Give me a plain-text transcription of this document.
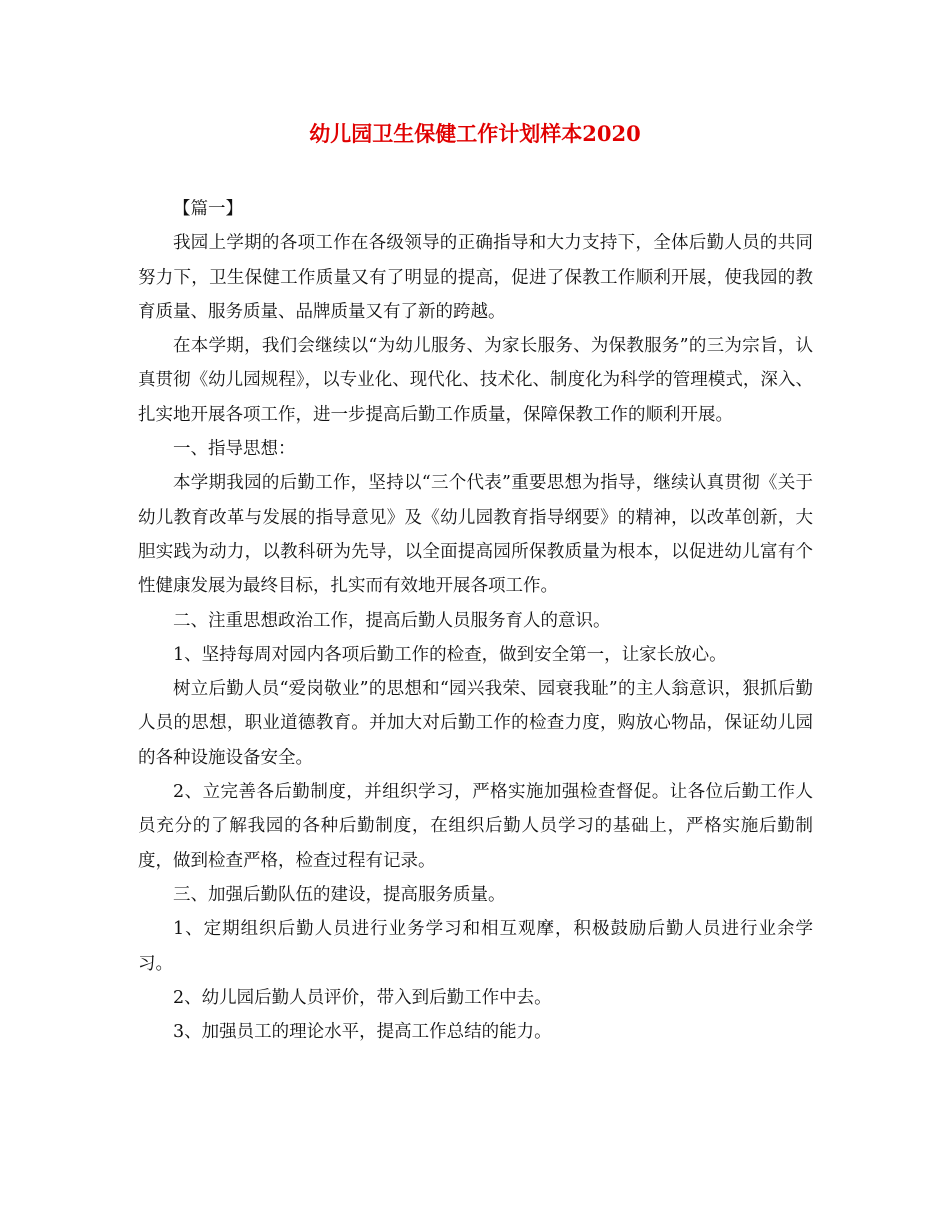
幼儿园卫生保健工作计划样本2020

【篇一】

我园上学期的各项工作在各级领导的正确指导和大力支持下，全体后勤人员的共同努力下，卫生保健工作质量又有了明显的提高，促进了保教工作顺利开展，使我园的教育质量、服务质量、品牌质量又有了新的跨越。

在本学期，我们会继续以“为幼儿服务、为家长服务、为保教服务”的三为宗旨，认真贯彻《幼儿园规程》，以专业化、现代化、技术化、制度化为科学的管理模式，深入、扎实地开展各项工作，进一步提高后勤工作质量，保障保教工作的顺利开展。

一、指导思想：

本学期我园的后勤工作，坚持以“三个代表”重要思想为指导，继续认真贯彻《关于幼儿教育改革与发展的指导意见》及《幼儿园教育指导纲要》的精神，以改革创新，大胆实践为动力，以教科研为先导，以全面提高园所保教质量为根本，以促进幼儿富有个性健康发展为最终目标，扎实而有效地开展各项工作。

二、注重思想政治工作，提高后勤人员服务育人的意识。

1、坚持每周对园内各项后勤工作的检查，做到安全第一，让家长放心。

树立后勤人员“爱岗敬业”的思想和“园兴我荣、园衰我耻”的主人翁意识，狠抓后勤人员的思想，职业道德教育。并加大对后勤工作的检查力度，购放心物品，保证幼儿园的各种设施设备安全。

2、立完善各后勤制度，并组织学习，严格实施加强检查督促。让各位后勤工作人员充分的了解我园的各种后勤制度，在组织后勤人员学习的基础上，严格实施后勤制度，做到检查严格，检查过程有记录。

三、加强后勤队伍的建设，提高服务质量。

1、定期组织后勤人员进行业务学习和相互观摩，积极鼓励后勤人员进行业余学习。

2、幼儿园后勤人员评价，带入到后勤工作中去。

3、加强员工的理论水平，提高工作总结的能力。
